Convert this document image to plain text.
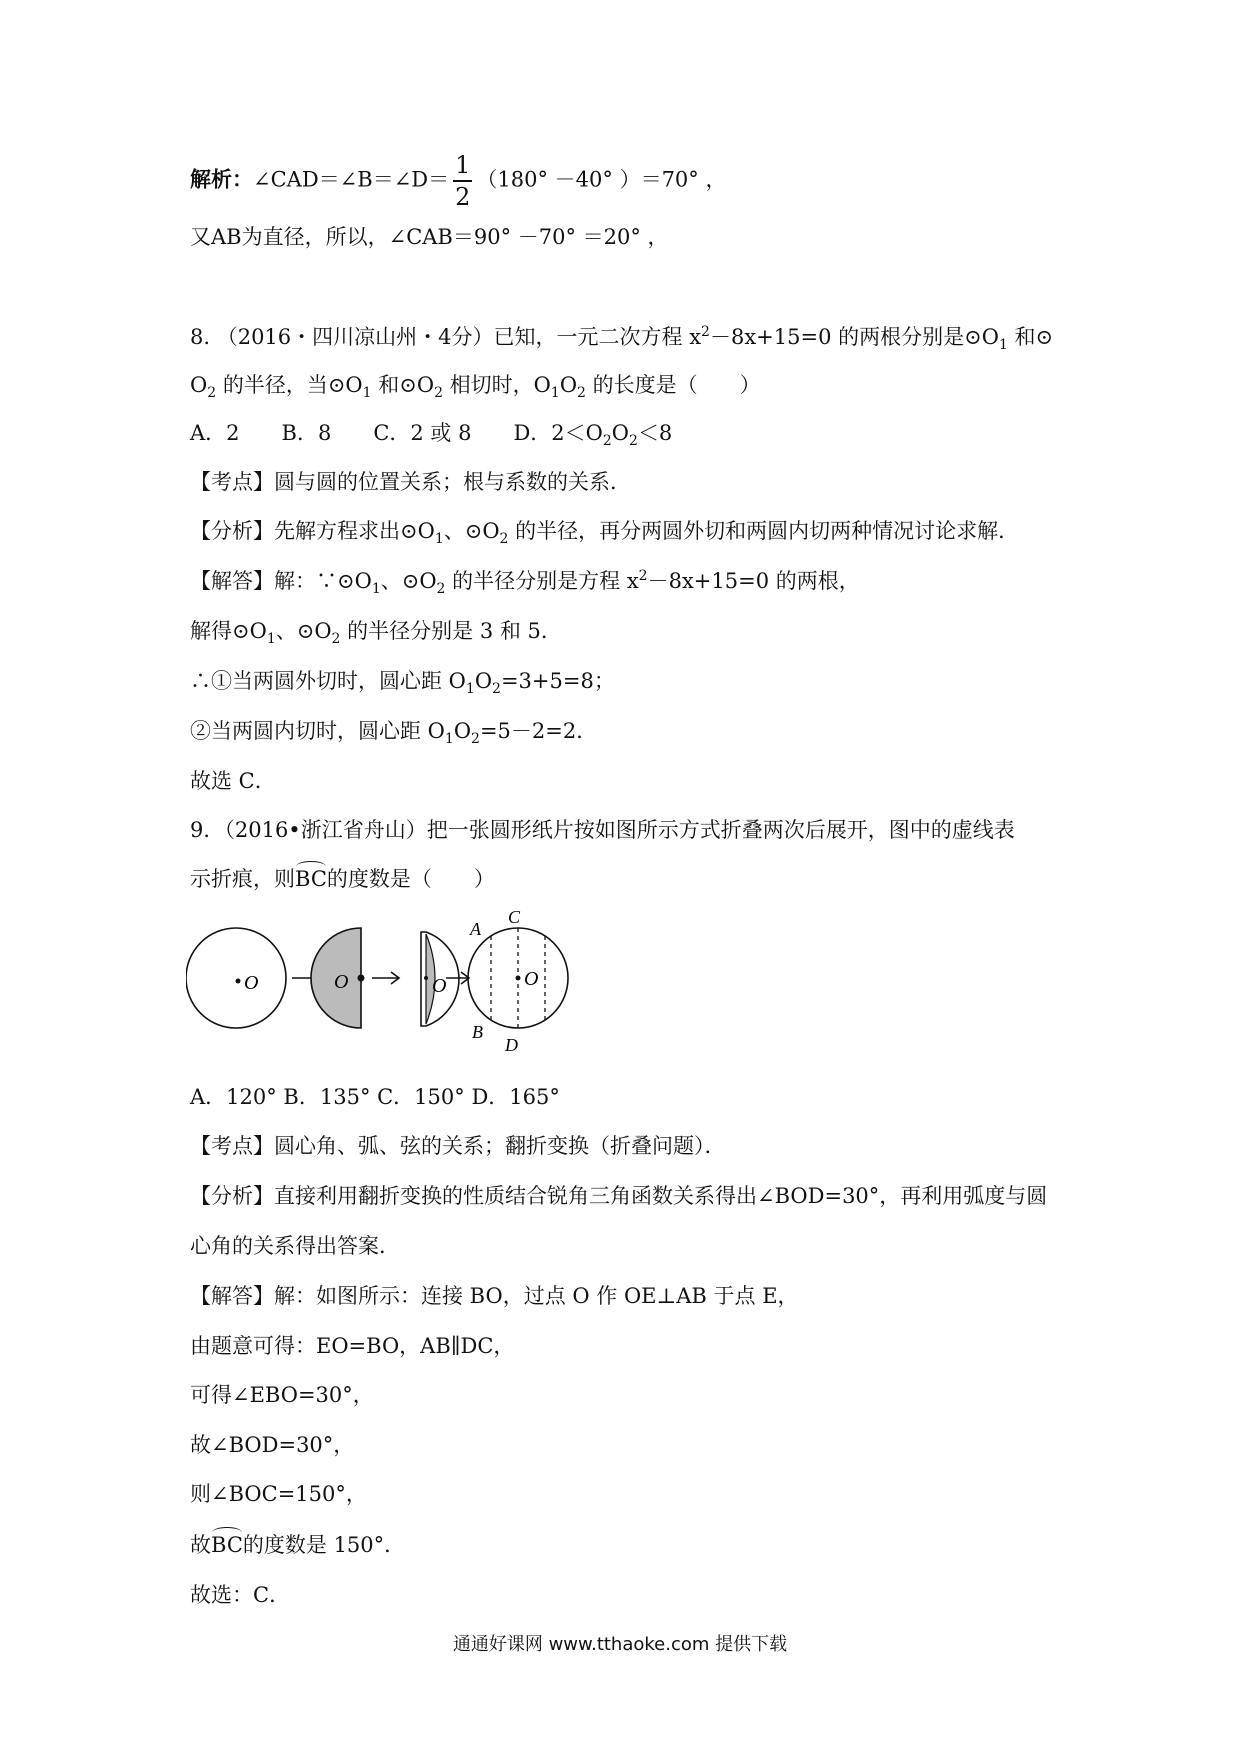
解析：∠CAD＝∠B＝∠D＝ $\frac{1}{2} (180^\circ -40^\circ$ ）＝70° ，
又AB为直径，所以，∠CAB＝90° －70° ＝20° ，
8. （2016・四川凉山州・4分）已知，一元二次方程 $x^2-8x+15=0$ 的两根分别是$⊙O_1$ 和⊙
$O_2$ 的半径，当$⊙O_1$ 和$⊙O_2$ 相切时，$O_1O_2$ 的长度是（　　）
A．2　　B．8　　C．2 或 8　　D．$2<O_2O_2<8$
【考点】圆与圆的位置关系；根与系数的关系．
【分析】先解方程求出$⊙O_1$、$⊙O_2$ 的半径，再分两圆外切和两圆内切两种情况讨论求解．
【解答】解：$\because⊙O_1$、$⊙O_2$ 的半径分别是方程 $x^2-8x+15=0$ 的两根，
解得$⊙O_1$、$⊙O_2$ 的半径分别是 3 和 5．
∴①当两圆外切时，圆心距 $O_1O_2=3+5=8$；
②当两圆内切时，圆心距 $O_1O_2=5-2=2$．
故选 C．
9．（2016•浙江省舟山）把一张圆形纸片按如图所示方式折叠两次后展开，图中的虚线表
示折痕，则BC的度数是（　　）
O	O	O	O
A
C
B
D
A．120° B．135° C．150° D．165°
【考点】圆心角、弧、弦的关系；翻折变换（折叠问题）．
【分析】直接利用翻折变换的性质结合锐角三角函数关系得出∠BOD=30°，再利用弧度与圆
心角的关系得出答案．
【解答】解：如图所示：连接 BO，过点 O 作 OE⊥AB 于点 E，
由题意可得：EO=BO，AB∥DC，
可得∠EBO=30°，
故∠BOD=30°，
则∠BOC=150°，
故BC的度数是 150°．
故选：C．
通通好课网 www.tthaoke.com 提供下载
